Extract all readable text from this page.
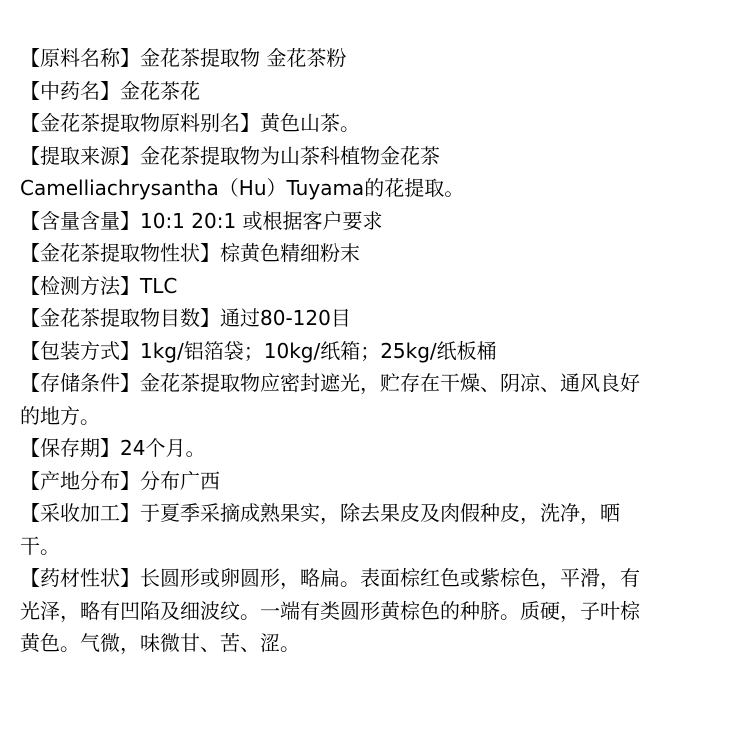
【原料名称】金花茶提取物 金花茶粉
【中药名】金花茶花
【金花茶提取物原料别名】黄色山茶。
【提取来源】金花茶提取物为山茶科植物金花茶
Camelliachrysantha（Hu）Tuyama的花提取。
【含量含量】10:1 20:1 或根据客户要求
【金花茶提取物性状】棕黄色精细粉末
【检测方法】TLC
【金花茶提取物目数】通过80-120目
【包装方式】1kg/铝箔袋；10kg/纸箱；25kg/纸板桶
【存储条件】金花茶提取物应密封遮光，贮存在干燥、阴凉、通风良好
的地方。
【保存期】24个月。
【产地分布】分布广西
【采收加工】于夏季采摘成熟果实，除去果皮及肉假种皮，洗净，晒
干。
【药材性状】长圆形或卵圆形，略扁。表面棕红色或紫棕色，平滑，有
光泽，略有凹陷及细波纹。一端有类圆形黄棕色的种脐。质硬，子叶棕
黄色。气微，味微甘、苦、涩。
